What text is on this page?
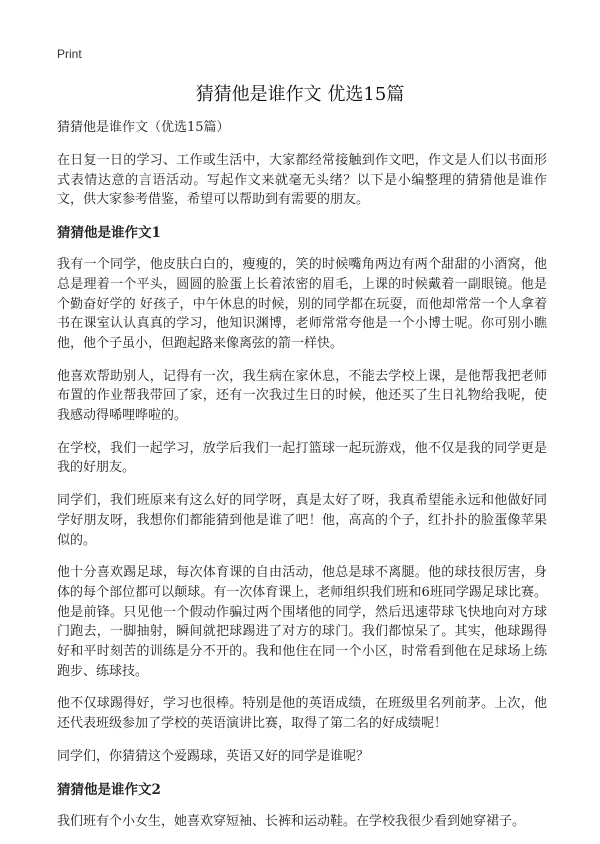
Print
猜猜他是谁作文 优选15篇

猜猜他是谁作文（优选15篇）

在日复一日的学习、工作或生活中，大家都经常接触到作文吧，作文是人们以书面形式表情达意的言语活动。写起作文来就毫无头绪？以下是小编整理的猜猜他是谁作文，供大家参考借鉴，希望可以帮助到有需要的朋友。

猜猜他是谁作文1

我有一个同学，他皮肤白白的，瘦瘦的，笑的时候嘴角两边有两个甜甜的小酒窝，他总是理着一个平头，圆圆的脸蛋上长着浓密的眉毛，上课的时候戴着一副眼镜。他是个勤奋好学的 好孩子，中午休息的时候，别的同学都在玩耍，而他却常常一个人拿着书在课室认认真真的学习，他知识渊博，老师常常夸他是一个小博士呢。你可别小瞧他，他个子虽小，但跑起路来像离弦的箭一样快。

他喜欢帮助别人，记得有一次，我生病在家休息，不能去学校上课，是他帮我把老师布置的作业帮我带回了家，还有一次我过生日的时候，他还买了生日礼物给我呢，使我感动得唏哩哗啦的。

在学校，我们一起学习，放学后我们一起打篮球一起玩游戏，他不仅是我的同学更是我的好朋友。

同学们，我们班原来有这么好的同学呀，真是太好了呀，我真希望能永远和他做好同学好朋友呀，我想你们都能猜到他是谁了吧！他，高高的个子，红扑扑的脸蛋像苹果似的。

他十分喜欢踢足球，每次体育课的自由活动，他总是球不离腿。他的球技很厉害，身体的每个部位都可以颠球。有一次体育课上，老师组织我们班和6班同学踢足球比赛。他是前锋。只见他一个假动作骗过两个围堵他的同学，然后迅速带球飞快地向对方球门跑去，一脚抽射，瞬间就把球踢进了对方的球门。我们都惊呆了。其实，他球踢得好和平时刻苦的训练是分不开的。我和他住在同一个小区，时常看到他在足球场上练跑步、练球技。

他不仅球踢得好，学习也很棒。特别是他的英语成绩，在班级里名列前茅。上次，他还代表班级参加了学校的英语演讲比赛，取得了第二名的好成绩呢！

同学们，你猜猜这个爱踢球，英语又好的同学是谁呢？

猜猜他是谁作文2

我们班有个小女生，她喜欢穿短袖、长裤和运动鞋。在学校我很少看到她穿裙子。
